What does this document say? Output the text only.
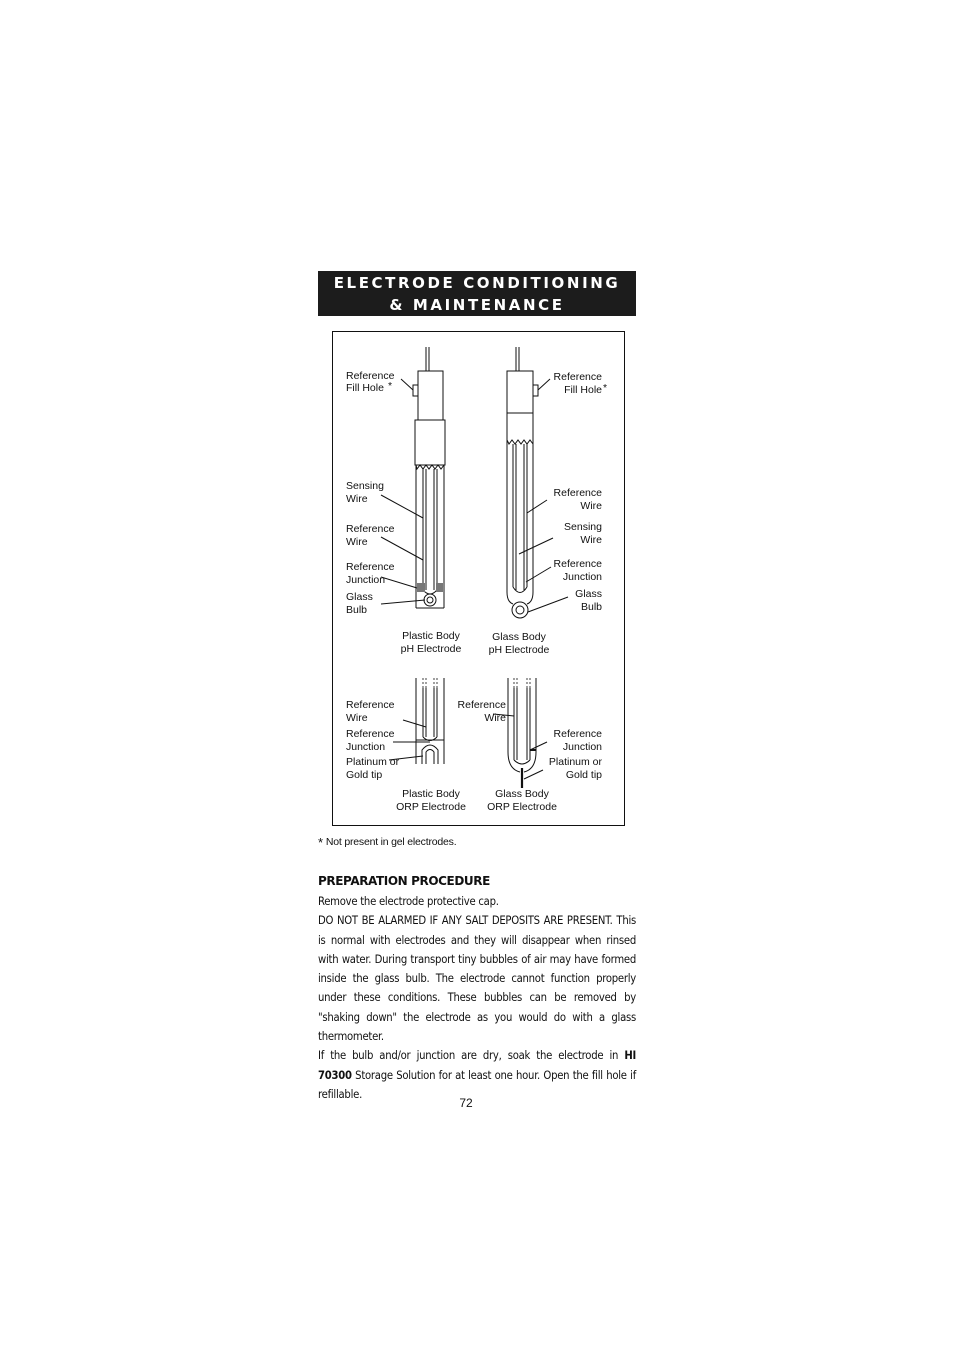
ELECTRODE CONDITIONING
& MAINTENANCE
Reference
Fill Hole *
Sensing
Wire
Reference
Wire
Reference
Junction
Glass
Bulb
Plastic Body
pH Electrode
Reference
Fill Hole *
Reference
Wire
Sensing
Wire
Reference
Junction
Glass
Bulb
Glass Body
pH Electrode
Reference
Wire
Reference
Junction
Platinum or
Gold tip
Plastic Body
ORP Electrode
Reference
Wire
Reference
Junction
Platinum or
Gold tip
Glass Body
ORP Electrode
* Not present in gel electrodes.
PREPARATION PROCEDURE

Remove the electrode protective cap.

DO NOT BE ALARMED IF ANY SALT DEPOSITS ARE PRESENT. This is normal with electrodes and they will disappear when rinsed with water. During transport tiny bubbles of air may have formed inside the glass bulb. The electrode cannot function properly under these conditions. These bubbles can be removed by "shaking down" the electrode as you would do with a glass thermometer.

If the bulb and/or junction are dry, soak the electrode in HI 70300 Storage Solution for at least one hour. Open the fill hole if refillable.

72
